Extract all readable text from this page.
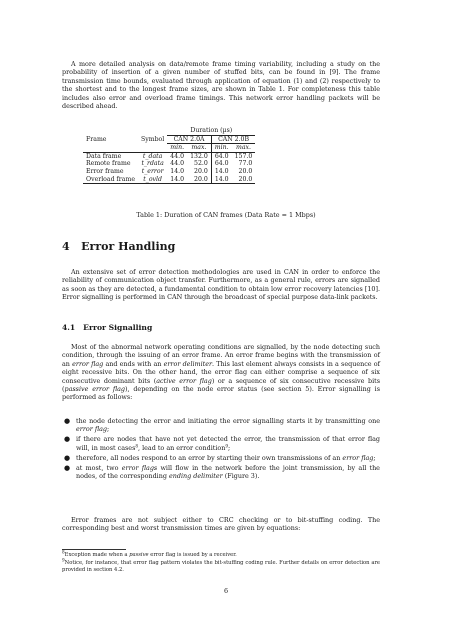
A more detailed analysis on data/remote frame timing variability, including a study on the probability of insertion of a given number of stuffed bits, can be found in [9]. The frame transmission time bounds, evaluated through application of equation (1) and (2) respectively to the shortest and to the longest frame sizes, are shown in Table 1. For completeness this table includes also error and overload frame timings. This network error handling packets will be described ahead.
		Duration (µs)			
Frame	Symbol	CAN 2.0A		CAN 2.0B	
		min.	max.	min.	max.
Data frame	t_data	44.0	132.0	64.0	157.0
Remote frame	t_rdata	44.0	52.0	64.0	77.0
Error frame	t_error	14.0	20.0	14.0	20.0
Overload frame	t_ovld	14.0	20.0	14.0	20.0
Table 1: Duration of CAN frames (Data Rate = 1 Mbps)
4 Error Handling
An extensive set of error detection methodologies are used in CAN in order to enforce the reliability of communication object transfer. Furthermore, as a general rule, errors are signalled as soon as they are detected, a fundamental condition to obtain low error recovery latencies [10]. Error signalling is performed in CAN through the broadcast of special purpose data-link packets.
4.1 Error Signalling
Most of the abnormal network operating conditions are signalled, by the node detecting such condition, through the issuing of an error frame. An error frame begins with the transmission of an error flag and ends with an error delimiter. This last element always consists in a sequence of eight recessive bits. On the other hand, the error flag can either comprise a sequence of six consecutive dominant bits (active error flag) or a sequence of six consecutive recessive bits (passive error flag), depending on the node error status (see section 5). Error signalling is performed as follows:
● the node detecting the error and initiating the error signalling starts it by transmitting one error flag;
● if there are nodes that have not yet detected the error, the transmission of that error flag will, in most cases$^8$, lead to an error condition$^9$;
● therefore, all nodes respond to an error by starting their own transmissions of an error flag;
● at most, two error flags will flow in the network before the joint transmission, by all the nodes, of the corresponding ending delimiter (Figure 3).
Error frames are not subject either to CRC checking or to bit-stuffing coding. The corresponding best and worst transmission times are given by equations:
$^8$Exception made when a passive error flag is issued by a receiver.
$^9$Notice, for instance, that error flag pattern violates the bit-stuffing coding rule. Further details on error detection are provided in section 4.2.
6
